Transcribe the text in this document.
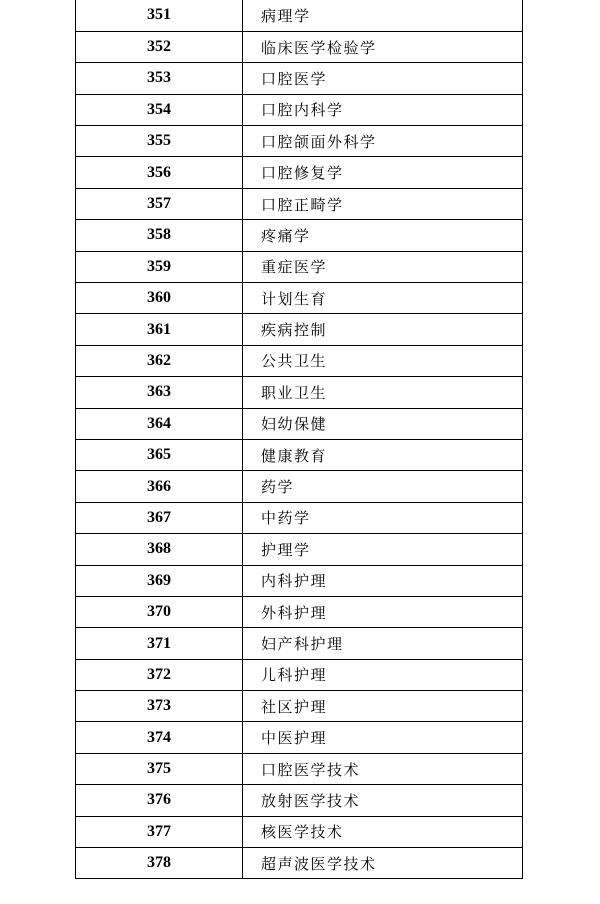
351	病理学
352	临床医学检验学
353	口腔医学
354	口腔内科学
355	口腔颌面外科学
356	口腔修复学
357	口腔正畸学
358	疼痛学
359	重症医学
360	计划生育
361	疾病控制
362	公共卫生
363	职业卫生
364	妇幼保健
365	健康教育
366	药学
367	中药学
368	护理学
369	内科护理
370	外科护理
371	妇产科护理
372	儿科护理
373	社区护理
374	中医护理
375	口腔医学技术
376	放射医学技术
377	核医学技术
378	超声波医学技术
